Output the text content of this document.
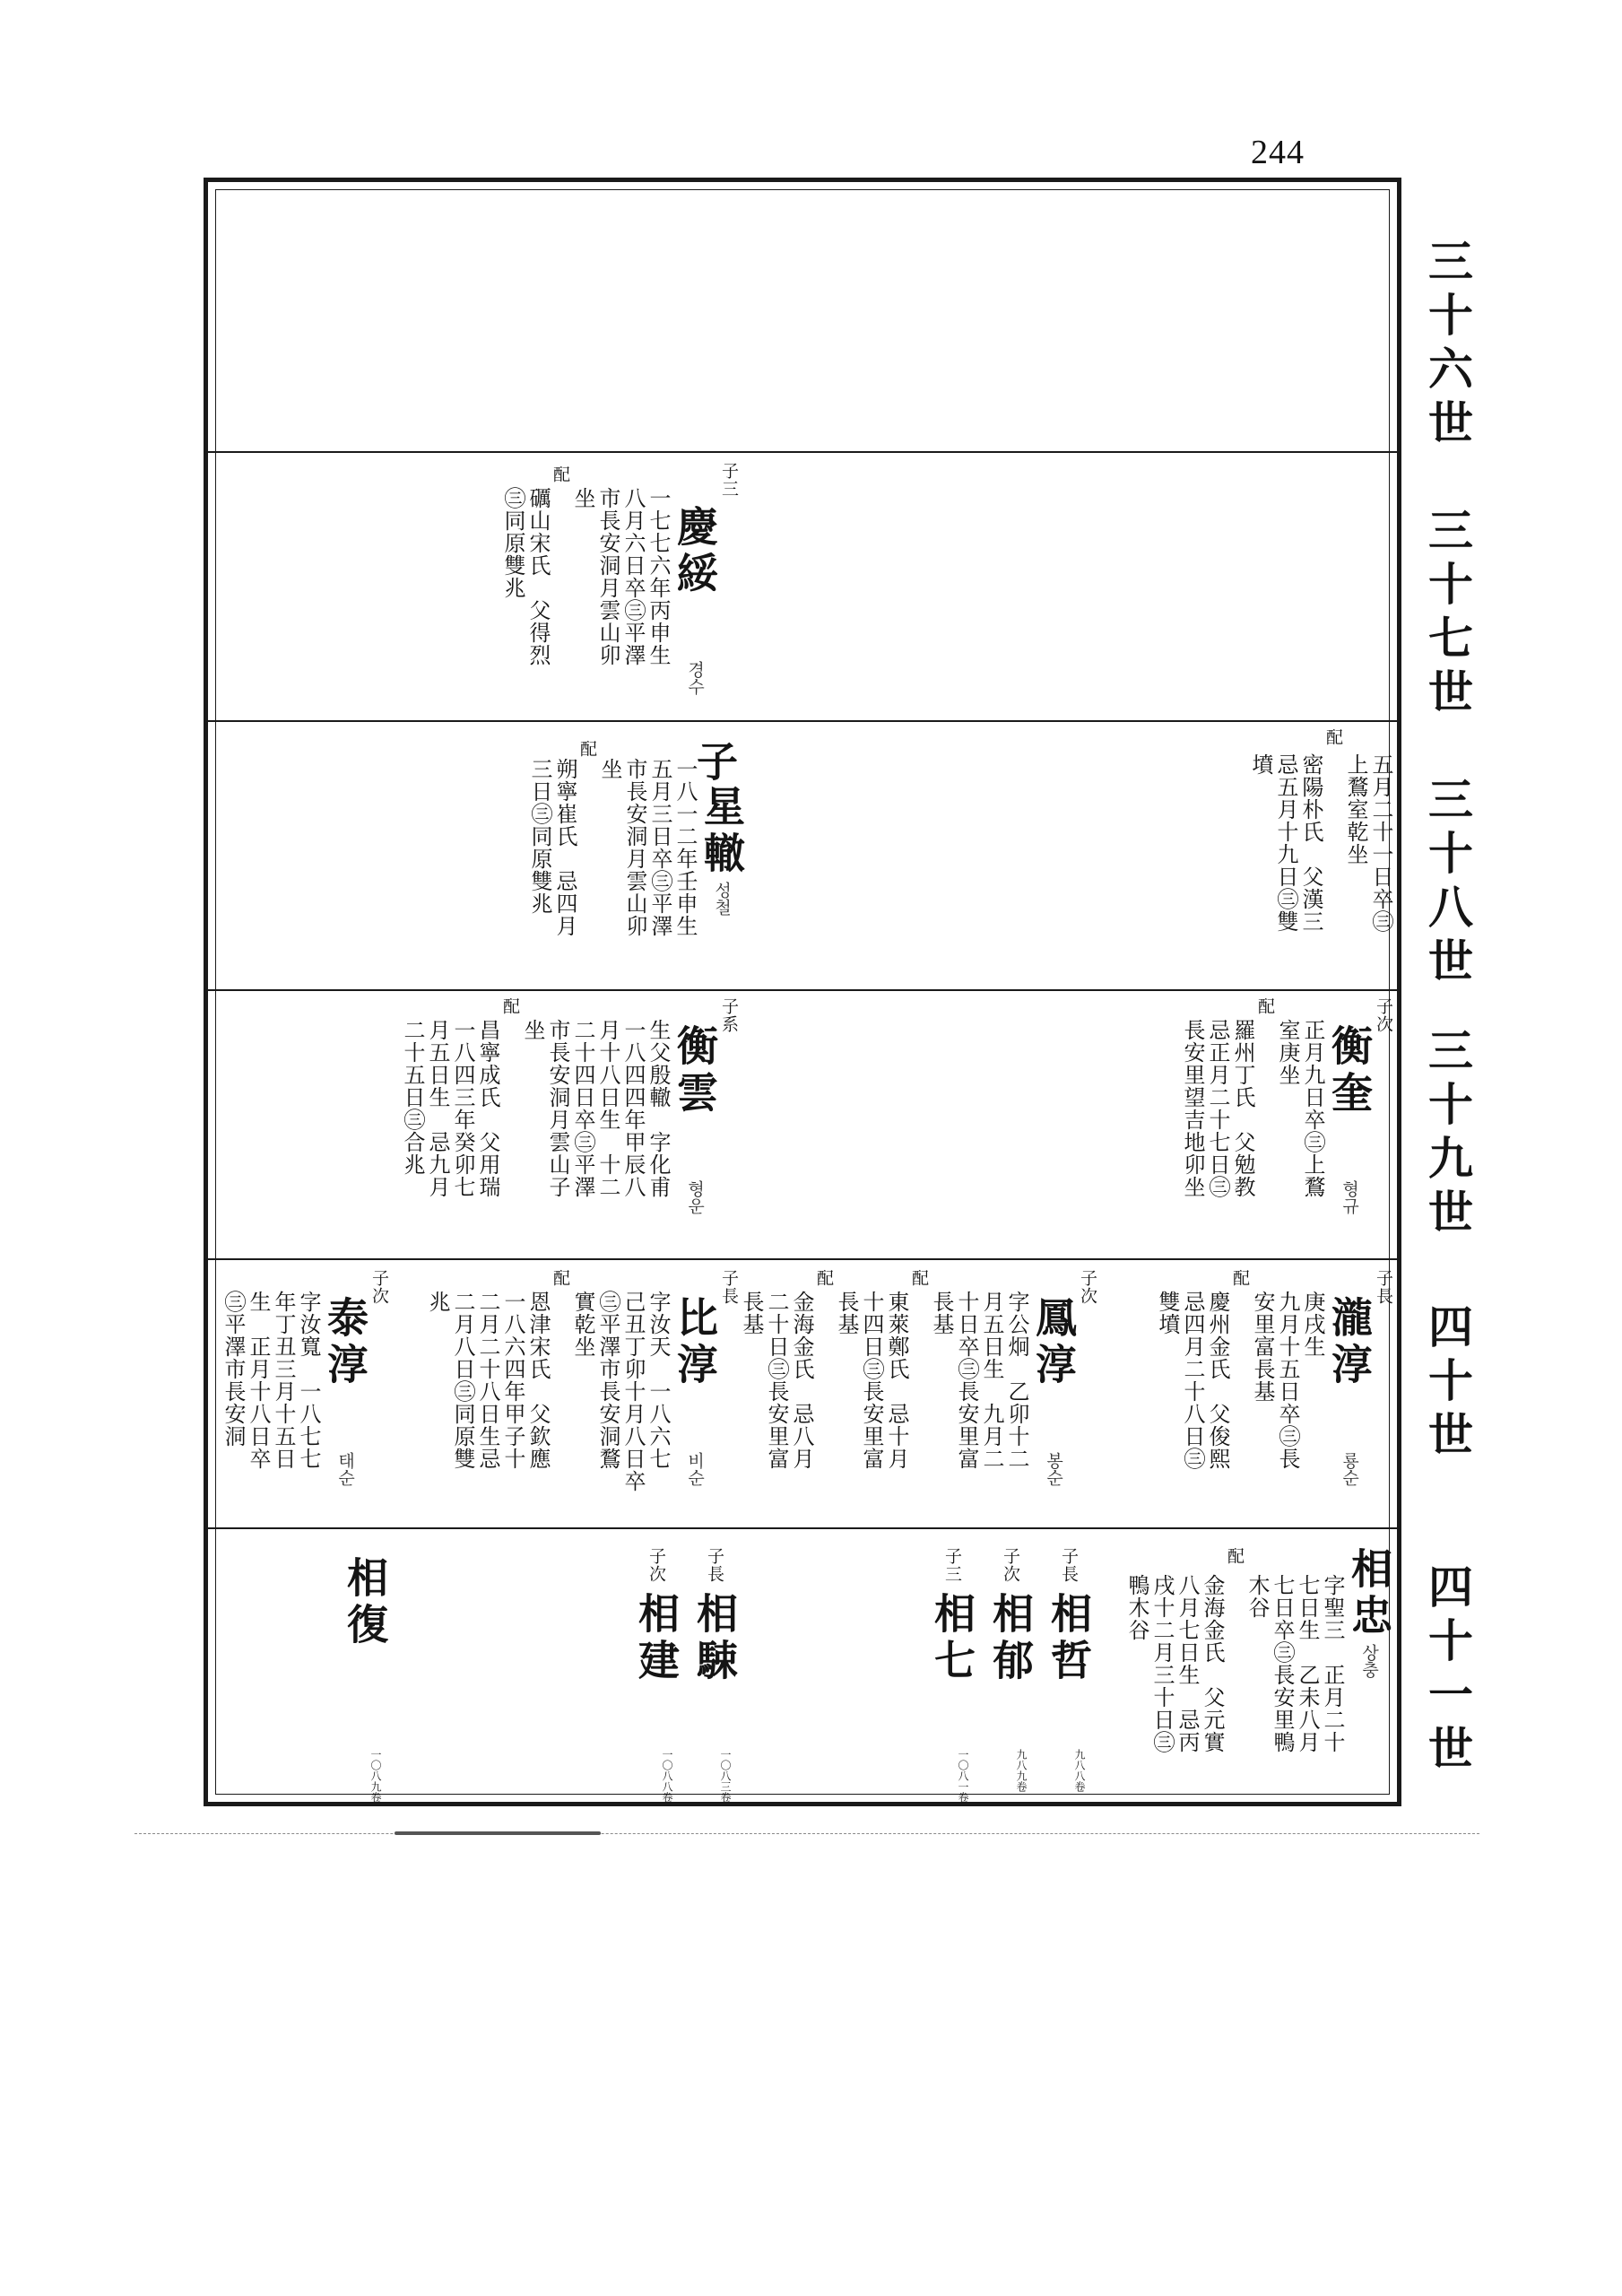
244
三
十
六
世
三
十
七
世
三
十
八
世
三
十
九
世
四
十
世
四
十
一
世
子三
慶綏
경수
一七七六年丙申生
八月六日卒㊂平澤
市長安洞月雲山卯
坐
配
礪山宋氏　父得烈
㊂同原雙兆
子
星轍
성철
一八一二年壬申生
五月三日卒㊂平澤
市長安洞月雲山卯
坐
配
朔寧崔氏　忌四月
三日㊂同原雙兆	五月二十一日卒㊂
上鶩室乾坐
配
密陽朴氏　父漢三
忌五月十九日㊂雙
墳
子系
衡雲
형운
生父殷轍　字化甫
一八四四年甲辰八
月十八日生　十二
二十四日卒㊂平澤
市長安洞月雲山子
坐
配
昌寧成氏　父用瑞
一八四三年癸卯七
月五日生　忌九月
二十五日㊂合兆
子次
衡奎
형규
正月九日卒㊂上鶩
室庚坐
配
羅州丁氏　父勉教
忌正月二十七日㊂
長安里望吉地卯坐
子次
泰淳
태순
字汝寬　一八七七
年丁丑三月十五日
生　正月十八日卒
㊂平澤市長安洞
子長
比淳
비순
字汝天　一八六七
己丑丁卯十月八日卒
㊂平澤市長安洞鶩
實乾坐
配
恩津宋氏　父欽應
一八六四年甲子十
二月二十八日生忌
二月八日㊂同原雙
兆	子次
鳳淳
봉순
字公炯　乙卯十二
月五日生　九月二
十日卒㊂長安里富
長基
配
東萊鄭氏　忌十月
十四日㊂長安里富
長基
配
金海金氏　忌八月
二十日㊂長安里富
長基
子長
瀧淳
룡순
庚戌生
九月十五日卒㊂長
安里富長基
配
慶州金氏　父俊熙
忌四月二十八日㊂
雙墳
相復
一〇八九卷
子次
相建
一〇八八卷
子長
相駷
一〇八三卷
子三
相七
一〇八一卷
子次
相郁
九八九卷
子長
相哲
九八八卷
相忠
상충
字聖三　正月二十
七日生　乙未八月
七日卒㊂長安里鴨
木谷
配
金海金氏　父元實
八月七日生　忌丙
戌十二月三十日㊂
鴨木谷
